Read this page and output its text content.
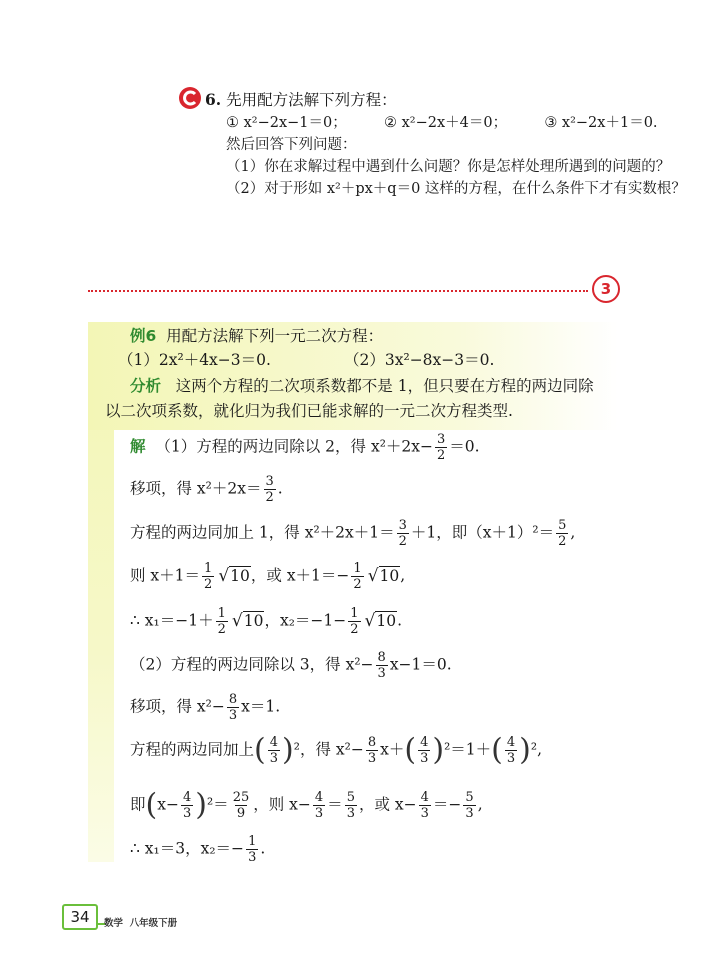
6. 先用配方法解下列方程：
① x²−2x−1＝0；	② x²−2x＋4＝0；	③ x²−2x＋1＝0.
然后回答下列问题：
（1）你在求解过程中遇到什么问题？你是怎样处理所遇到的问题的？
（2）对于形如 x²＋px＋q＝0 这样的方程，在什么条件下才有实数根？
3
例6 用配方法解下列一元二次方程：
（1）2x²＋4x−3＝0.	（2）3x²−8x−3＝0.
分析 这两个方程的二次项系数都不是 1，但只要在方程的两边同除
以二次项系数，就化归为我们已能求解的一元二次方程类型.
解 （1）方程的两边同除以 2，得 $x^2+2x- \frac{3}{2} =0$.
移项，得 $x^2+2x= \frac{3}{2}$ .
方程的两边同加上 1，得 $x^2+2x+1= \frac{3}{2} +1$，即$(x+1)^2= \frac{5}{2}$ ,
则 $x+1= \frac{1}{2} √10$，或 $x+1=- \frac{1}{2} √10$,
∴ $x_1=-1+ \frac{1}{2} √10$，$x_2=-1- \frac{1}{2} √10$.
（2）方程的两边同除以 3，得 $x^2- \frac{8}{3} x-1=0$.
移项，得 $x^2- \frac{8}{3} x=1$.
方程的两边同加上( $\frac{4}{3} )^2$，得 $x^2- \frac{8}{3} x+( \frac{4}{3} )^2=1+( \frac{4}{3} )^2$,
即$(x- \frac{4}{3} )^2= \frac{25}{9}$ ，则 $x- \frac{4}{3} = \frac{5}{3}$ ，或 $x- \frac{4}{3} =- \frac{5}{3}$ ,
∴ x₁＝3，$x_2=- \frac{1}{3}$ .
34	数学  八年级下册
